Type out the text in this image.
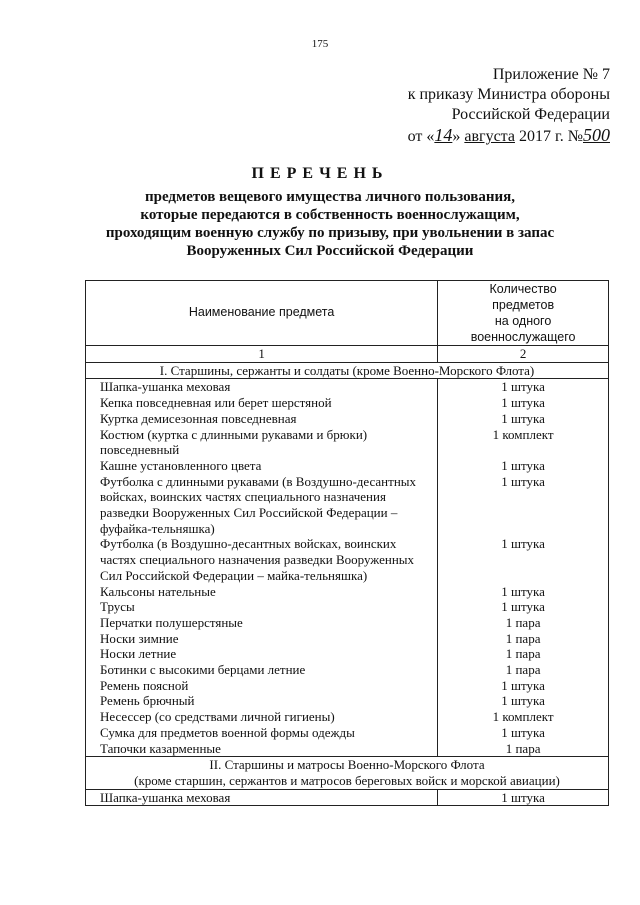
175
Приложение № 7
к приказу Министра обороны
Российской Федерации
от «14» августа 2017 г. №500
ПЕРЕЧЕНЬ
предметов вещевого имущества личного пользования,
которые передаются в собственность военнослужащим,
проходящим военную службу по призыву, при увольнении в запас
Вооруженных Сил Российской Федерации
Наименование предмета	Количество
предметов
на одного
военнослужащего

1	2
I. Старшины, сержанты и солдаты (кроме Военно-Морского Флота)	
Шапка-ушанка меховая	1 штука
Кепка повседневная или берет шерстяной	1 штука
Куртка демисезонная повседневная	1 штука
Костюм (куртка с длинными рукавами и брюки) повседневный	1 комплект
Кашне установленного цвета	1 штука
Футболка с длинными рукавами (в Воздушно-десантных войсках, воинских частях специального назначения разведки Вооруженных Сил Российской Федерации – фуфайка-тельняшка)	1 штука
Футболка (в Воздушно-десантных войсках, воинских частях специального назначения разведки Вооруженных Сил Российской Федерации – майка-тельняшка)	1 штука
Кальсоны нательные	1 штука
Трусы	1 штука
Перчатки полушерстяные	1 пара
Носки зимние	1 пара
Носки летние	1 пара
Ботинки с высокими берцами летние	1 пара
Ремень поясной	1 штука
Ремень брючный	1 штука
Несессер (со средствами личной гигиены)	1 комплект
Сумка для предметов военной формы одежды	1 штука
Тапочки казарменные	1 пара

II. Старшины и матросы Военно-Морского Флота
(кроме старшин, сержантов и матросов береговых войск и морской авиации)	

Шапка-ушанка меховая	1 штука
